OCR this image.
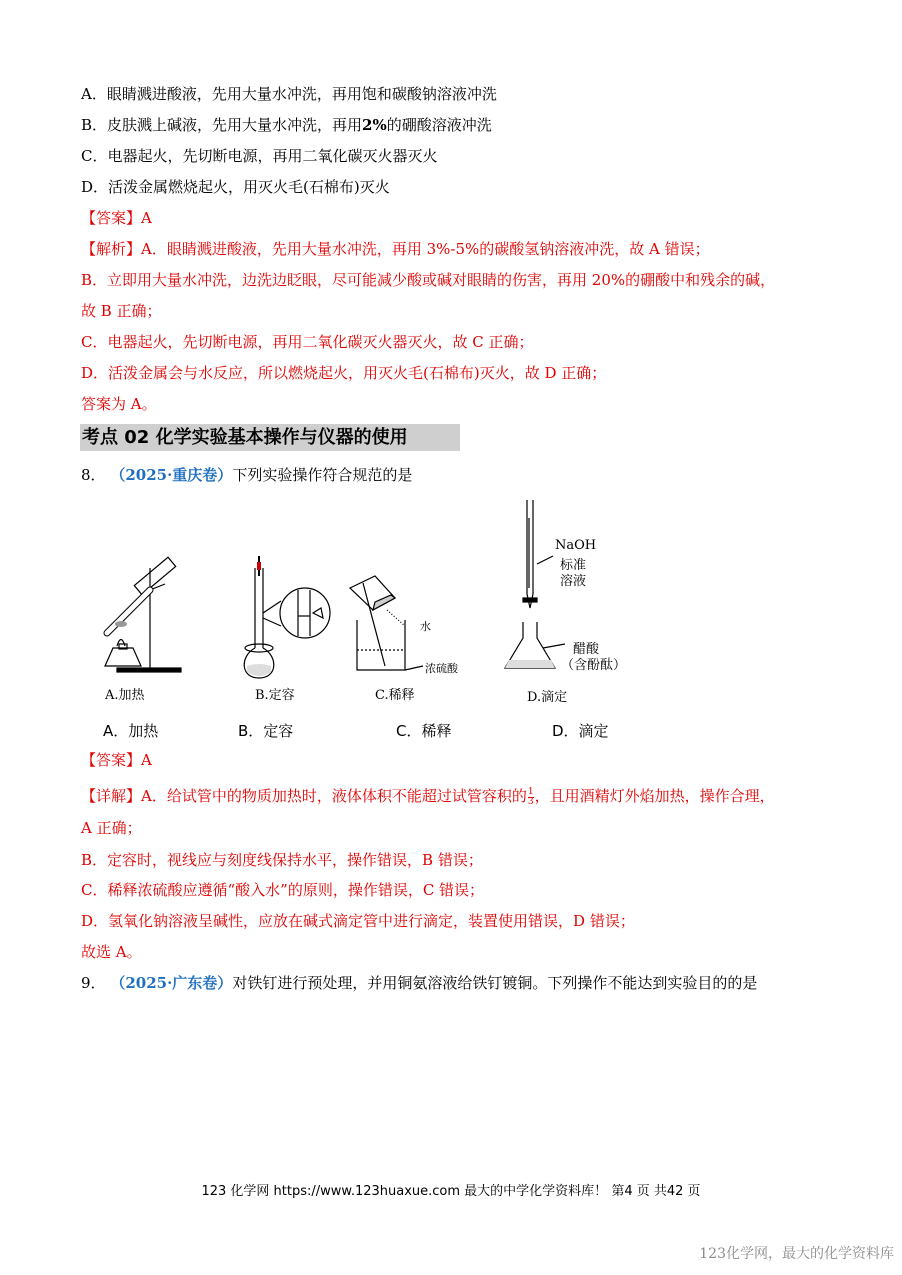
A．眼睛溅进酸液，先用大量水冲洗，再用饱和碳酸钠溶液冲洗
B．皮肤溅上碱液，先用大量水冲洗，再用2%的硼酸溶液冲洗
C．电器起火，先切断电源，再用二氧化碳灭火器灭火
D．活泼金属燃烧起火，用灭火毛(石棉布)灭火
【答案】A
【解析】A．眼睛溅进酸液，先用大量水冲洗，再用 3%-5%的碳酸氢钠溶液冲洗，故 A 错误；
B．立即用大量水冲洗，边洗边眨眼，尽可能减少酸或碱对眼睛的伤害，再用 20%的硼酸中和残余的碱，
故 B 正确；
C．电器起火，先切断电源，再用二氧化碳灭火器灭火，故 C 正确；
D．活泼金属会与水反应，所以燃烧起火，用灭火毛(石棉布)灭火，故 D 正确；
答案为 A。
考点 02 化学实验基本操作与仪器的使用
8． （2025·重庆卷）下列实验操作符合规范的是
A.加热	B.定容	C.稀释	D.滴定
水
浓硫酸
NaOH
标准
溶液
醋酸
（含酚酞）
A．加热	B．定容	C．稀释	D．滴定
【答案】A
【详解】A．给试管中的物质加热时，液体体积不能超过试管容积的 $\frac{1}{3}$ ，且用酒精灯外焰加热，操作合理，
A 正确；
B．定容时，视线应与刻度线保持水平，操作错误，B 错误；
C．稀释浓硫酸应遵循“酸入水”的原则，操作错误，C 错误；
D．氢氧化钠溶液呈碱性，应放在碱式滴定管中进行滴定，装置使用错误，D 错误；
故选 A。
9． （2025·广东卷）对铁钉进行预处理，并用铜氨溶液给铁钉镀铜。下列操作不能达到实验目的的是
123 化学网 https://www.123huaxue.com 最大的中学化学资料库！ 第4 页 共42 页
123化学网，最大的化学资料库
